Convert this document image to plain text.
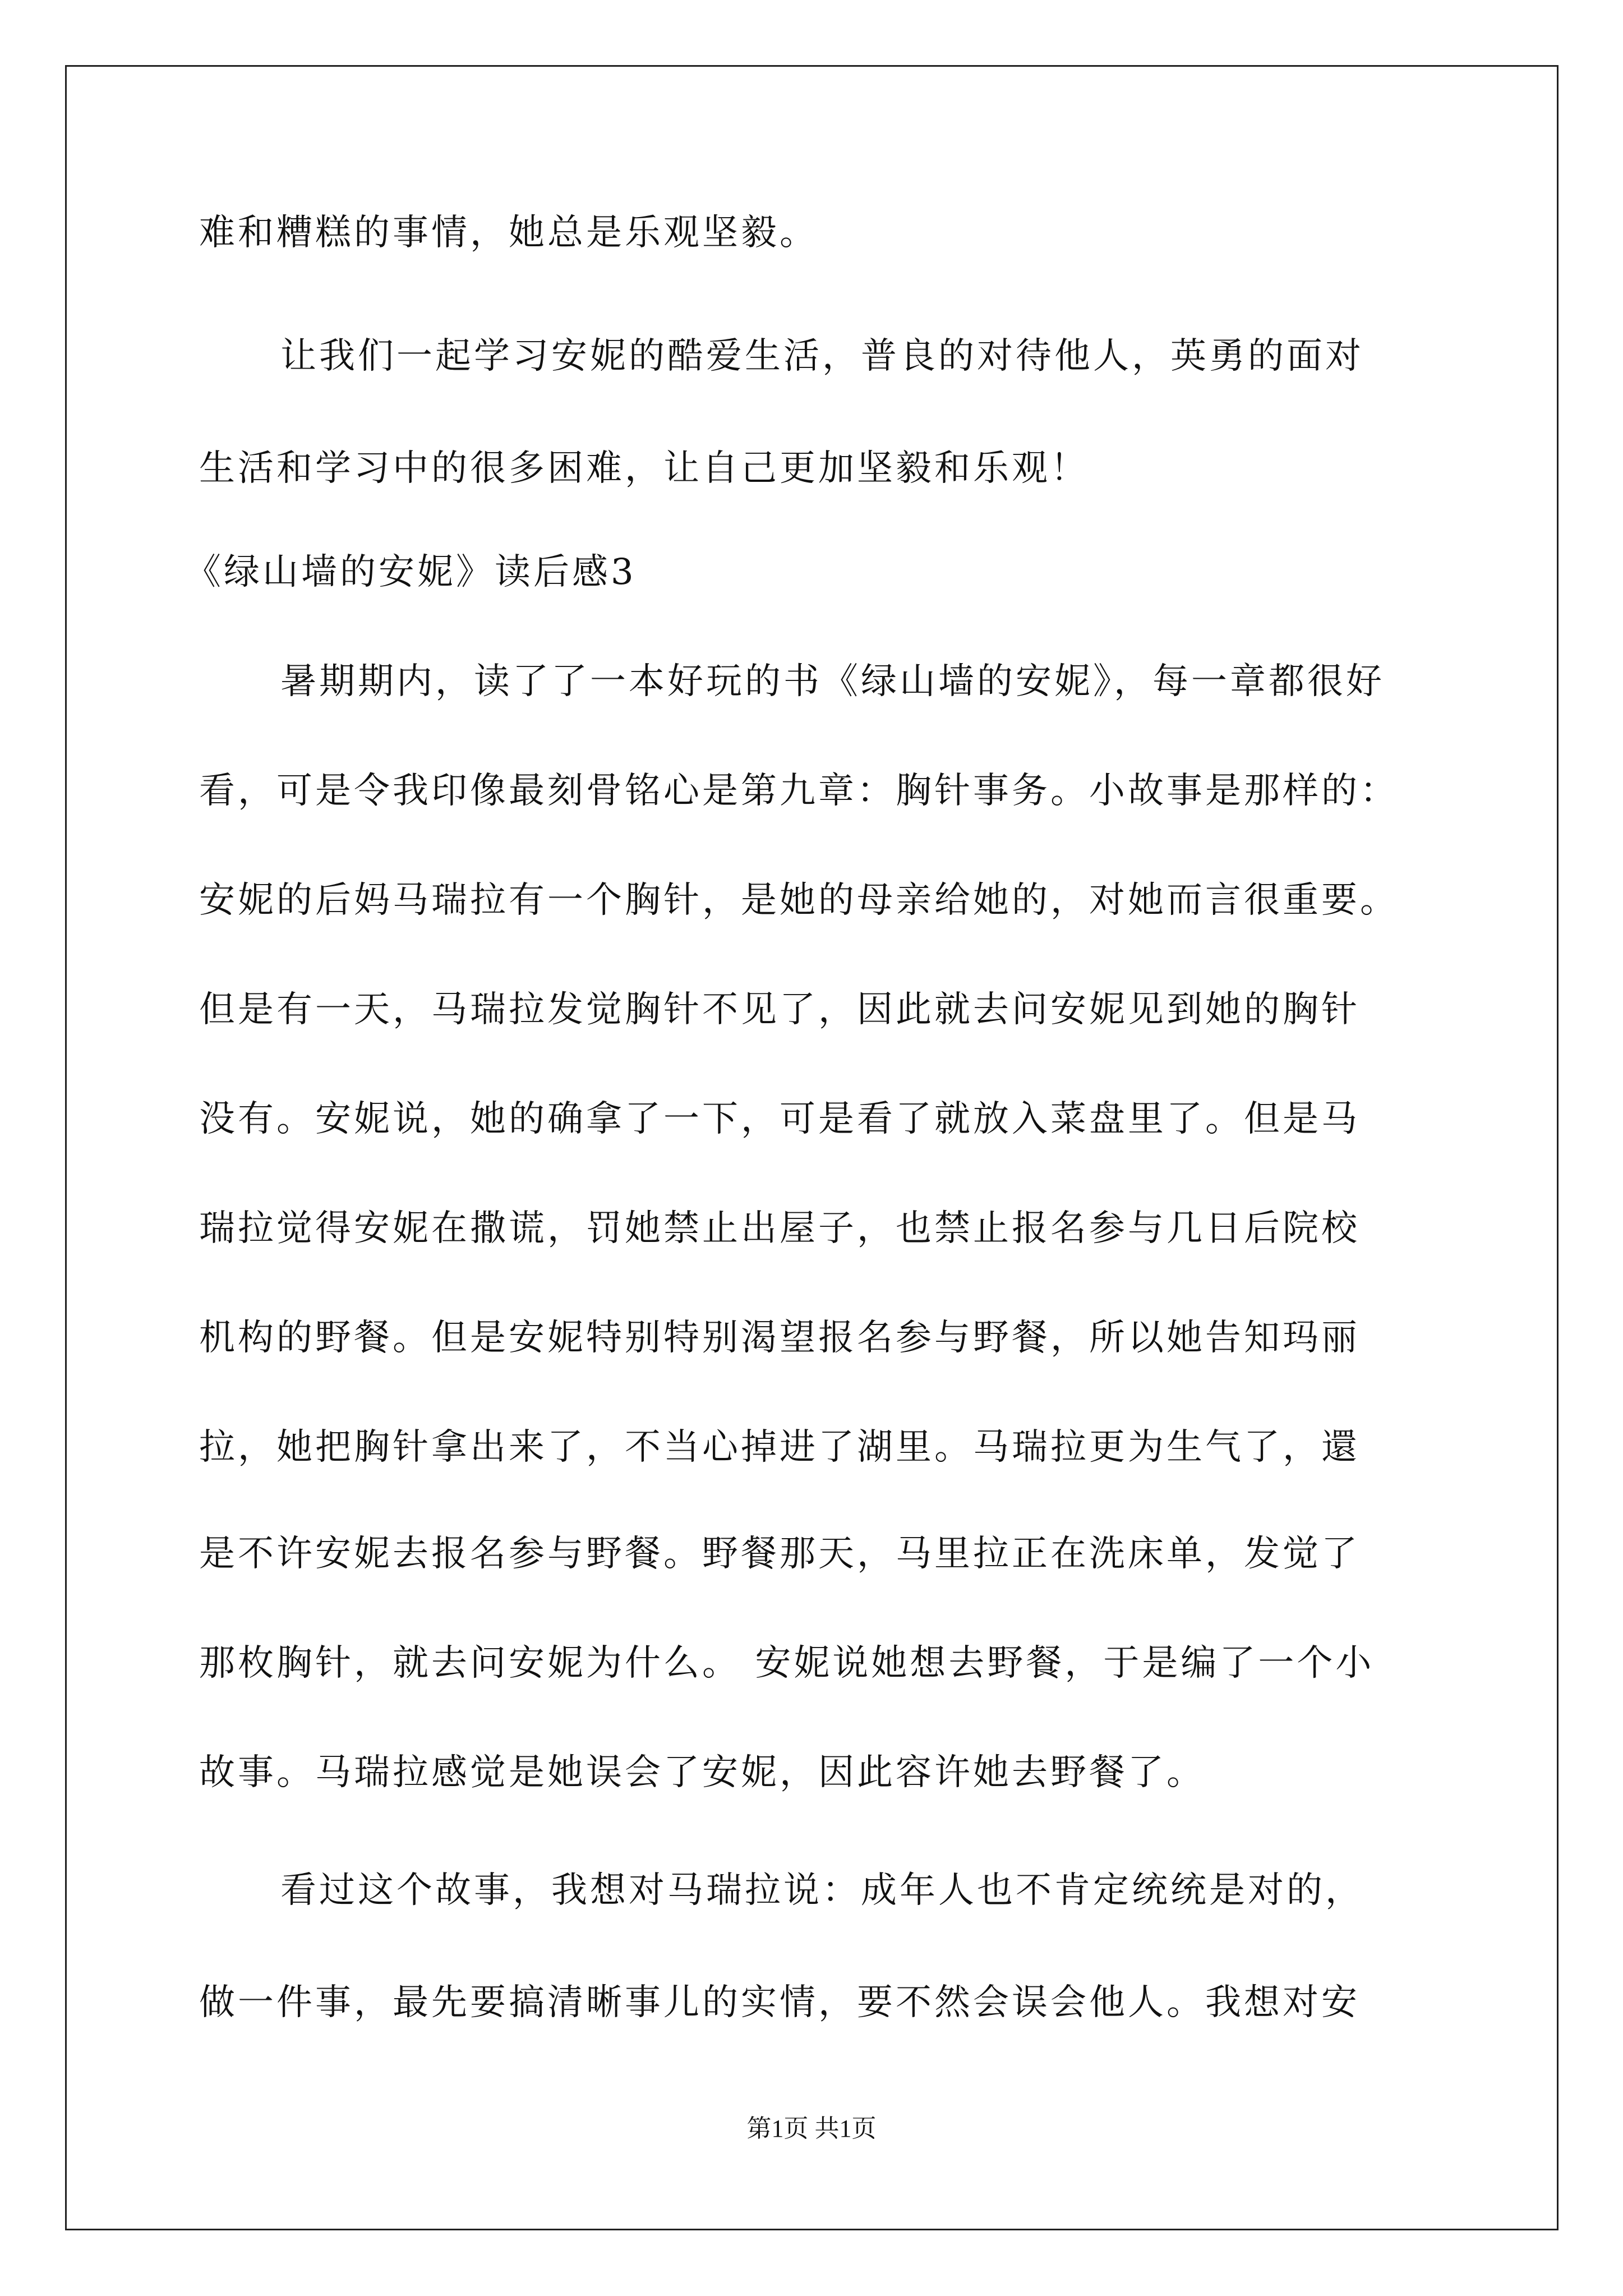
难和糟糕的事情，她总是乐观坚毅。
让我们一起学习安妮的酷爱生活，普良的对待他人，英勇的面对
生活和学习中的很多困难，让自己更加坚毅和乐观！
《绿山墙的安妮》读后感3
暑期期内，读了了一本好玩的书《绿山墙的安妮》，每一章都很好
看，可是令我印像最刻骨铭心是第九章：胸针事务。小故事是那样的：
安妮的后妈马瑞拉有一个胸针，是她的母亲给她的，对她而言很重要。
但是有一天，马瑞拉发觉胸针不见了，因此就去问安妮见到她的胸针
没有。安妮说，她的确拿了一下，可是看了就放入菜盘里了。但是马
瑞拉觉得安妮在撒谎，罚她禁止出屋子，也禁止报名参与几日后院校
机构的野餐。但是安妮特别特别渴望报名参与野餐，所以她告知玛丽
拉，她把胸针拿出来了，不当心掉进了湖里。马瑞拉更为生气了，還
是不许安妮去报名参与野餐。野餐那天，马里拉正在洗床单，发觉了
那枚胸针，就去问安妮为什么。 安妮说她想去野餐，于是编了一个小
故事。马瑞拉感觉是她误会了安妮，因此容许她去野餐了。
看过这个故事，我想对马瑞拉说：成年人也不肯定统统是对的，
做一件事，最先要搞清晰事儿的实情，要不然会误会他人。我想对安
第1页 共1页
